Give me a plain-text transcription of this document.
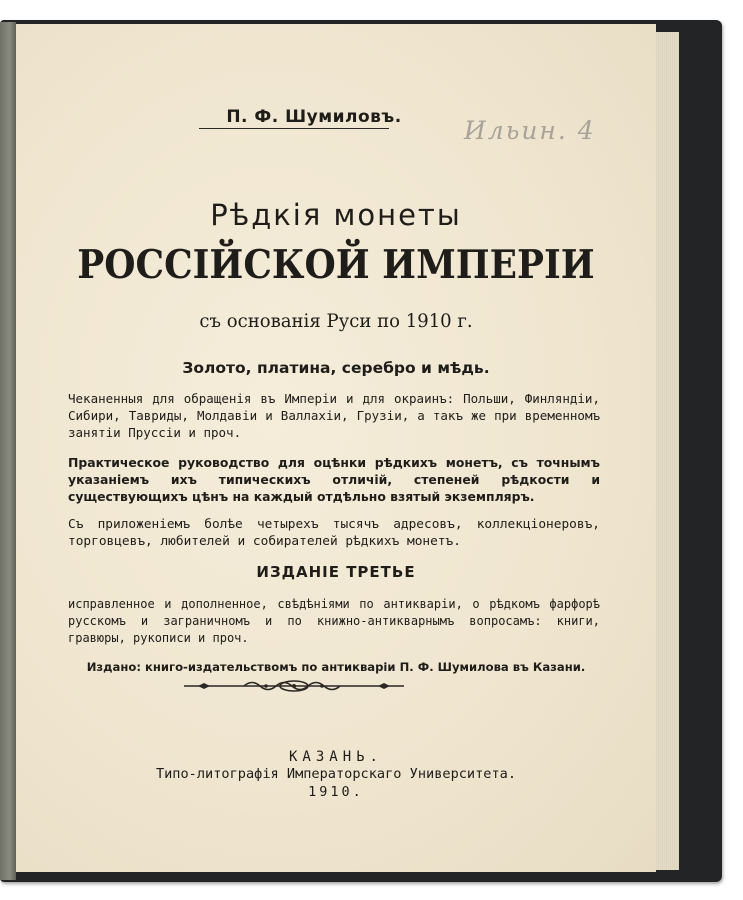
П. Ф. Шумиловъ. Ильин. 4
Рѣдкія монеты
РОССІЙСКОЙ ИМПЕРІИ
съ основанія Руси по 1910 г.
Золото, платина, серебро и мѣдь.
Чеканенныя для обращенія въ Имперіи и для окраинъ: Польши, Финляндіи, Сибири, Тавриды, Молдавіи и Валлахіи, Грузіи, а такъ же при временномъ занятіи Пруссіи и проч.
Практическое руководство для оцѣнки рѣдкихъ монетъ, съ точнымъ указаніемъ ихъ типическихъ отличій, степеней рѣдкости и существующихъ цѣнъ на каждый отдѣльно взятый экземпляръ.
Съ приложеніемъ болѣе четырехъ тысячъ адресовъ, коллекціонеровъ, торговцевъ, любителей и собирателей рѣдкихъ монетъ.
ИЗДАНІЕ ТРЕТЬЕ
исправленное и дополненное, свѣдѣніями по антикваріи, о рѣдкомъ фарфорѣ русскомъ и заграничномъ и по книжно-антикварнымъ вопросамъ: книги, гравюры, рукописи и проч.
Издано: книго-издательствомъ по антикваріи П. Ф. Шумилова въ Казани.
КАЗАНЬ.
Типо-литографія Императорскаго Университета.
1910.
